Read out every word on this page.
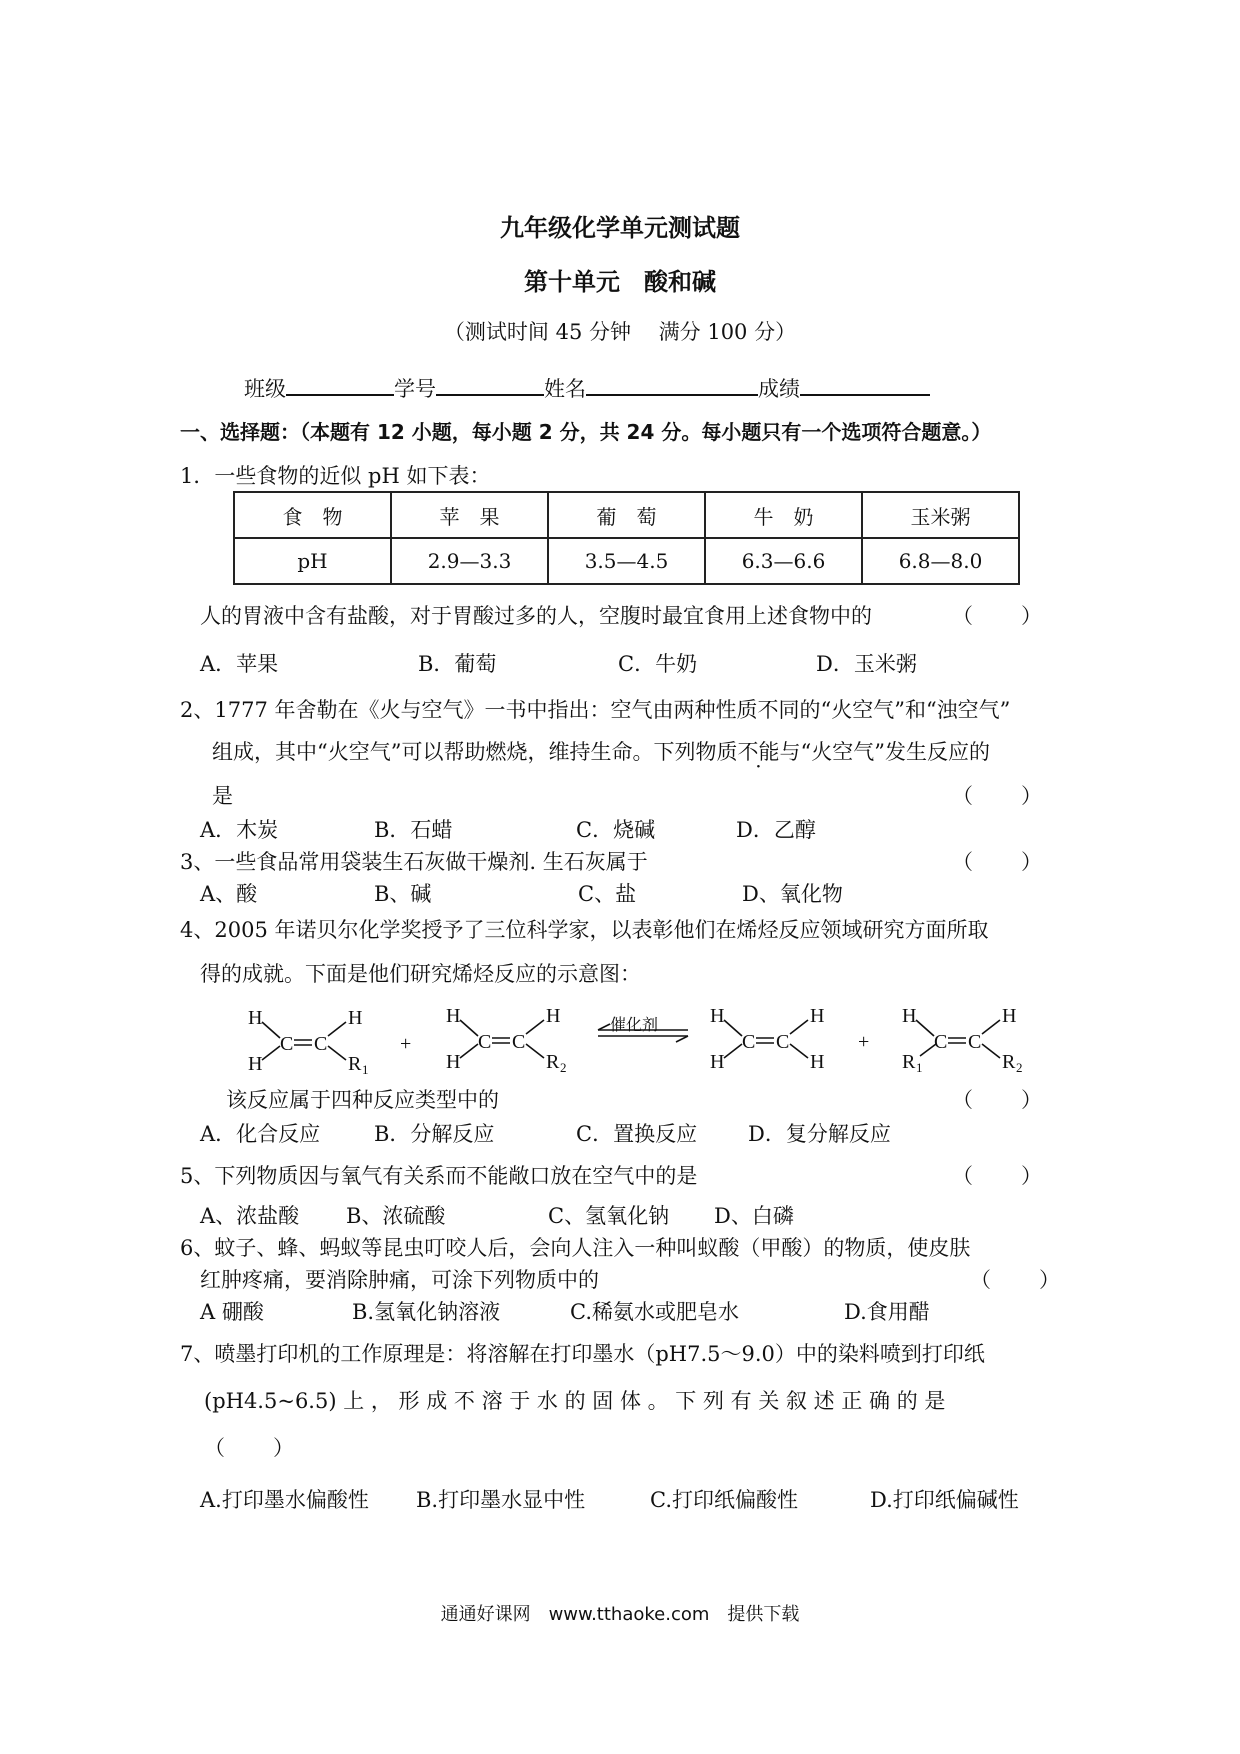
九年级化学单元测试题
第十单元　酸和碱
（测试时间 45 分钟　 满分 100 分）
班级	学号	姓名	成绩
一、选择题：（本题有 12 小题，每小题 2 分，共 24 分。每小题只有一个选项符合题意。）
1．一些食物的近似 pH 如下表：
食　物	苹　果	葡　萄	牛　奶	玉米粥
pH	2.9—3.3	3.5—4.5	6.3—6.6	6.8—8.0
人的胃液中含有盐酸，对于胃酸过多的人，空腹时最宜食用上述食物中的	（　　）
A．苹果	B．葡萄	C．牛奶	D．玉米粥
2、1777 年舍勒在《火与空气》一书中指出：空气由两种性质不同的“火空气”和“浊空气”
组成，其中“火空气”可以帮助燃烧，维持生命。下列物质不能与“火空气”发生反应的
是	（　　）
A．木炭	B．石蜡	C．烧碱	D．乙醇
3、一些食品常用袋装生石灰做干燥剂. 生石灰属于	（　　）
A、酸	B、碱	C、盐	D、氧化物
4、2005 年诺贝尔化学奖授予了三位科学家，以表彰他们在烯烃反应领域研究方面所取
得的成就。下面是他们研究烯烃反应的示意图：
H
H
C C
H
R 1
+
H
H
C C
H
R 2
H
H
C C
H
H
+
H
R 1
C C
H
R 2
催化剂
该反应属于四种反应类型中的	（　　）
A．化合反应	B．分解反应	C．置换反应 D．复分解反应
5、下列物质因与氧气有关系而不能敞口放在空气中的是	（　　）
A、浓盐酸 B、浓硫酸	C、氢氧化钠 D、白磷
6、蚊子、蜂、蚂蚁等昆虫叮咬人后，会向人注入一种叫蚁酸（甲酸）的物质，使皮肤
红肿疼痛，要消除肿痛，可涂下列物质中的	（　　）
A 硼酸	B.氢氧化钠溶液	C.稀氨水或肥皂水	D.食用醋
7、喷墨打印机的工作原理是：将溶解在打印墨水（pH7.5～9.0）中的染料喷到打印纸
(pH4.5~6.5) 上 ， 形 成 不 溶 于 水 的 固 体 。 下 列 有 关 叙 述 正 确 的 是
（　　）
A.打印墨水偏酸性 B.打印墨水显中性	C.打印纸偏酸性	D.打印纸偏碱性
通通好课网　www.tthaoke.com　提供下载
